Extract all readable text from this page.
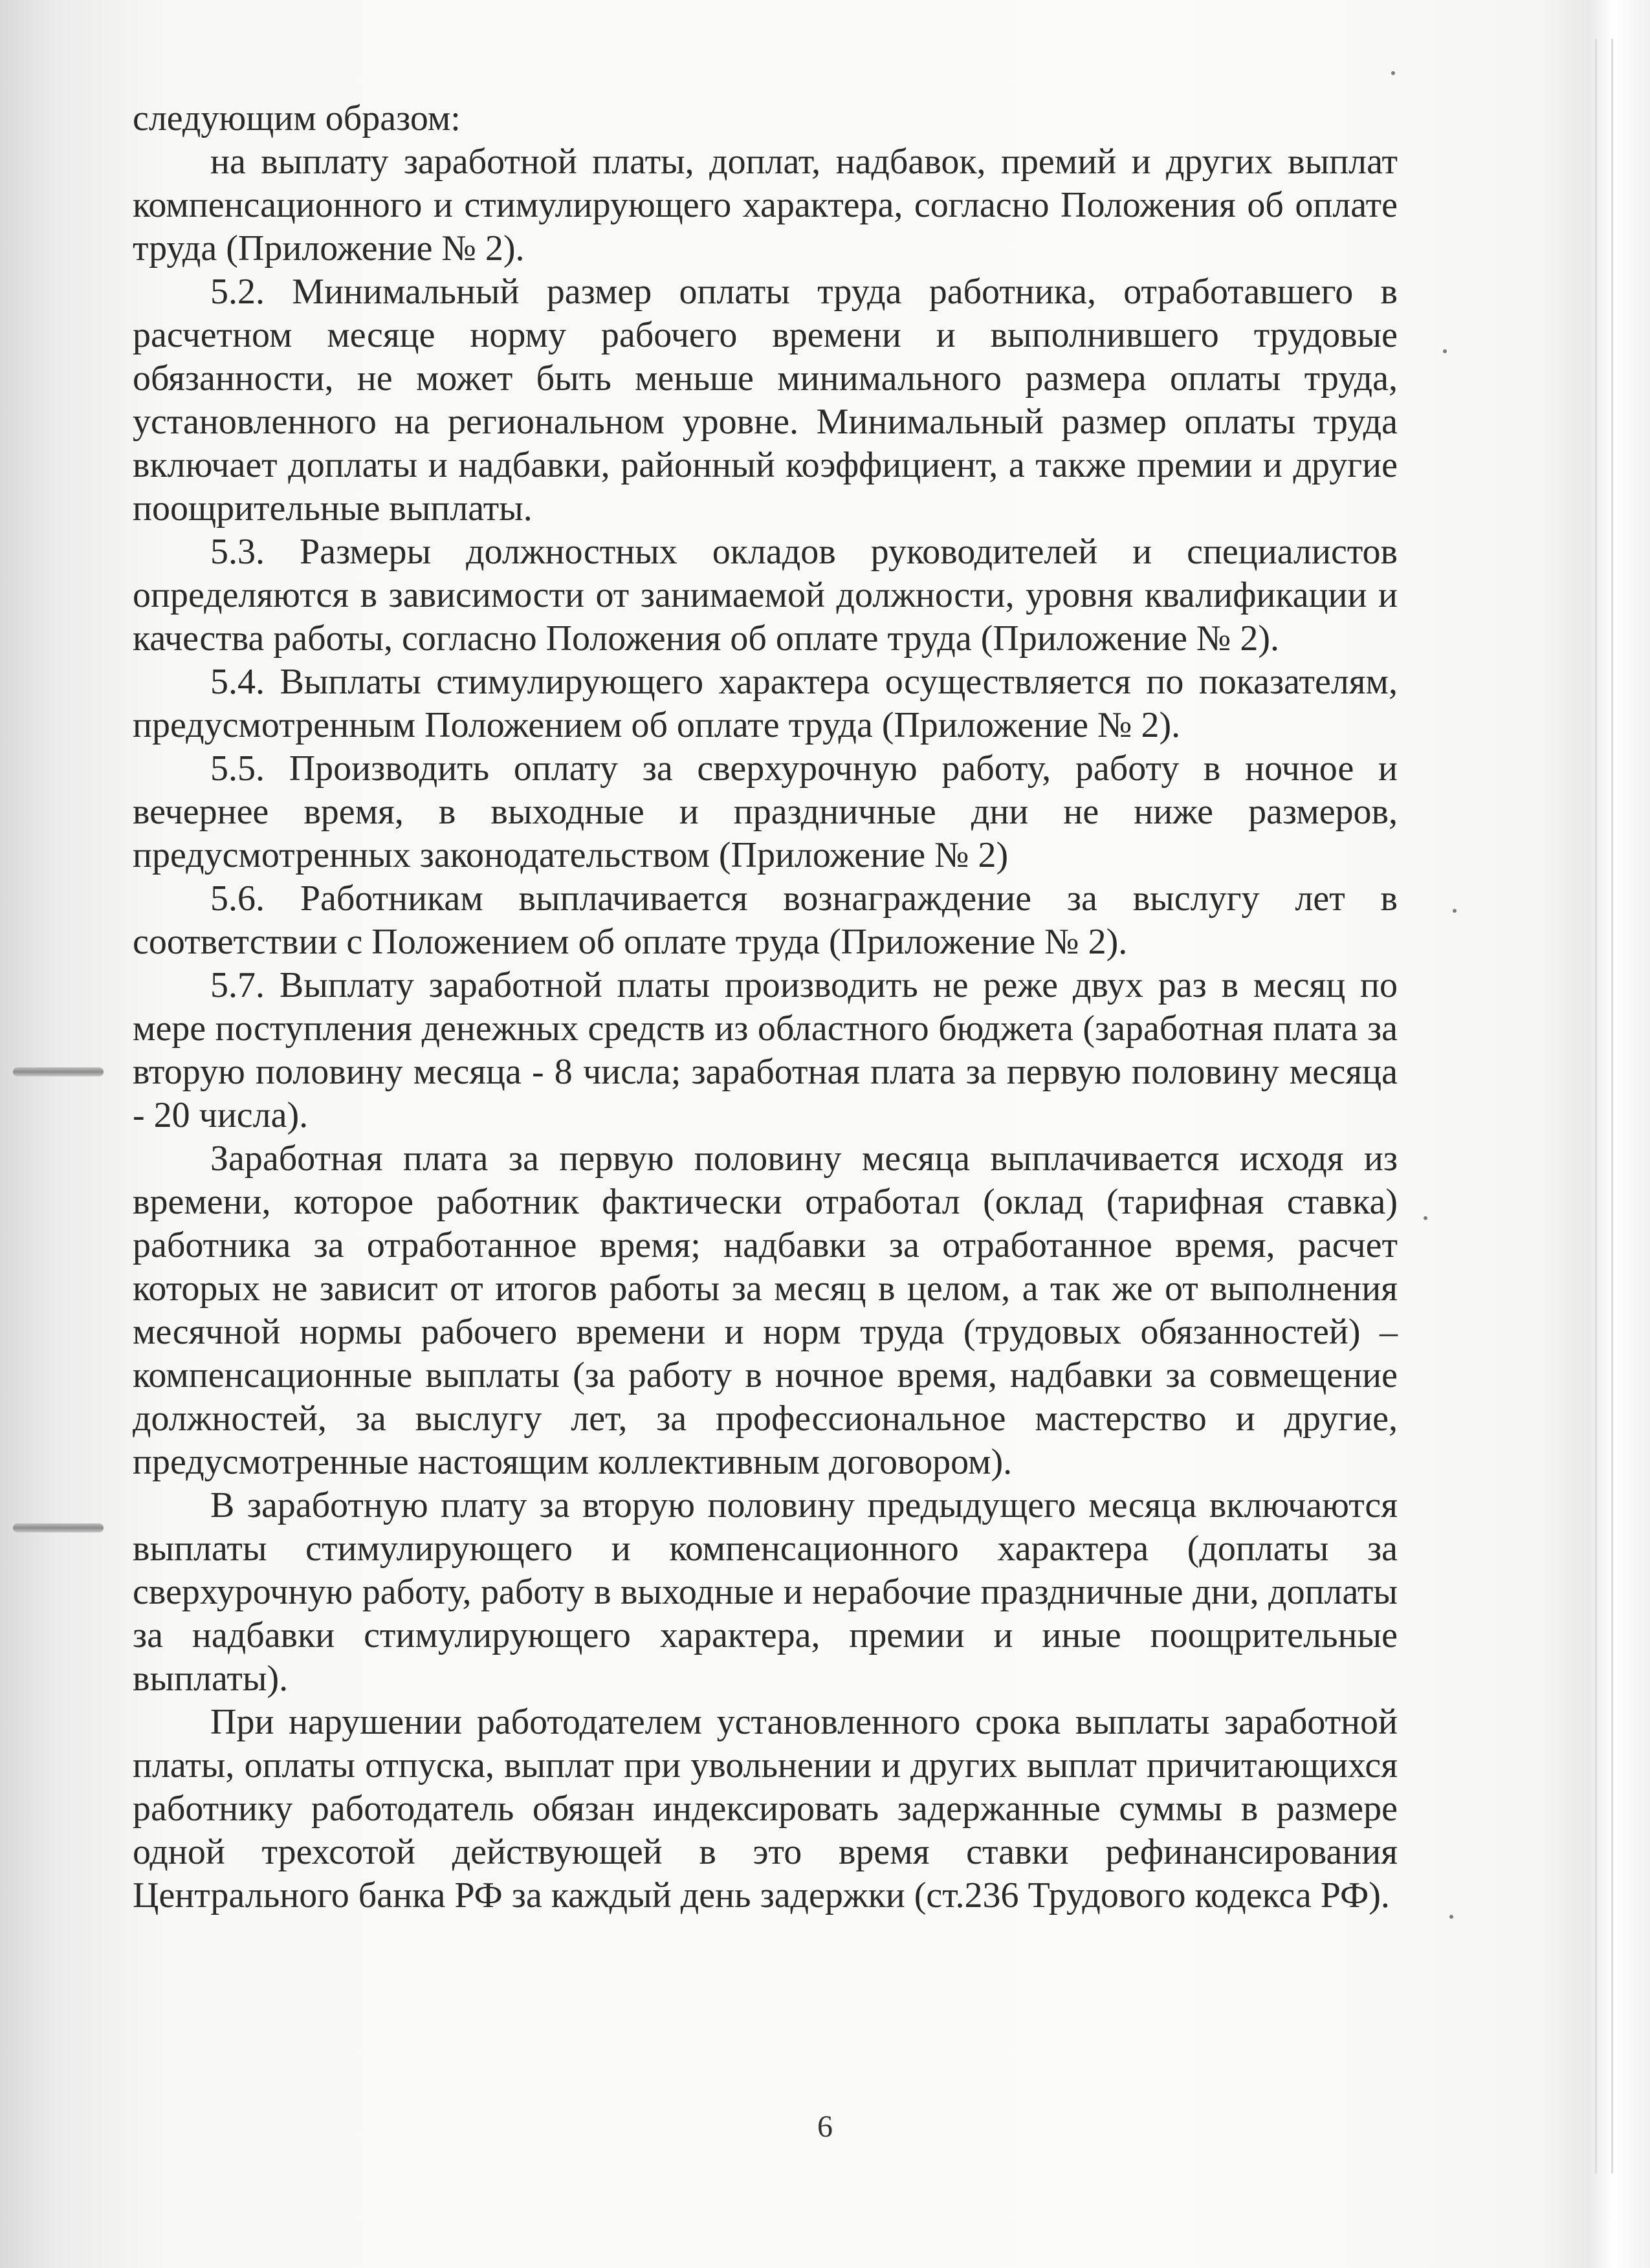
следующим образом:

на выплату заработной платы, доплат, надбавок, премий и других выплат компенсационного и стимулирующего характера, согласно Положения об оплате труда (Приложение № 2).

5.2. Минимальный размер оплаты труда работника, отработавшего в расчетном месяце норму рабочего времени и выполнившего трудовые обязанности, не может быть меньше минимального размера оплаты труда, установленного на региональном уровне. Минимальный размер оплаты труда включает доплаты и надбавки, районный коэффициент, а также премии и другие поощрительные выплаты.

5.3. Размеры должностных окладов руководителей и специалистов определяются в зависимости от занимаемой должности, уровня квалификации и качества работы, согласно Положения об оплате труда (Приложение № 2).

5.4. Выплаты стимулирующего характера осуществляется по показателям, предусмотренным Положением об оплате труда (Приложение № 2).

5.5. Производить оплату за сверхурочную работу, работу в ночное и вечернее время, в выходные и праздничные дни не ниже размеров, предусмотренных законодательством (Приложение № 2)

5.6. Работникам выплачивается вознаграждение за выслугу лет в соответствии с Положением об оплате труда (Приложение № 2).

5.7. Выплату заработной платы производить не реже двух раз в месяц по мере поступления денежных средств из областного бюджета (заработная плата за вторую половину месяца - 8 числа; заработная плата за первую половину месяца - 20 числа).

Заработная плата за первую половину месяца выплачивается исходя из времени, которое работник фактически отработал (оклад (тарифная ставка) работника за отработанное время; надбавки за отработанное время, расчет которых не зависит от итогов работы за месяц в целом, а так же от выполнения месячной нормы рабочего времени и норм труда (трудовых обязанностей) – компенсационные выплаты (за работу в ночное время, надбавки за совмещение должностей, за выслугу лет, за профессиональное мастерство и другие, предусмотренные настоящим коллективным договором).

В заработную плату за вторую половину предыдущего месяца включаются выплаты стимулирующего и компенсационного характера (доплаты за сверхурочную работу, работу в выходные и нерабочие праздничные дни, доплаты за надбавки стимулирующего характера, премии и иные поощрительные выплаты).

При нарушении работодателем установленного срока выплаты заработной платы, оплаты отпуска, выплат при увольнении и других выплат причитающихся работнику работодатель обязан индексировать задержанные суммы в размере одной трехсотой действующей в это время ставки рефинансирования Центрального банка РФ за каждый день задержки (ст.236 Трудового кодекса РФ).

6
